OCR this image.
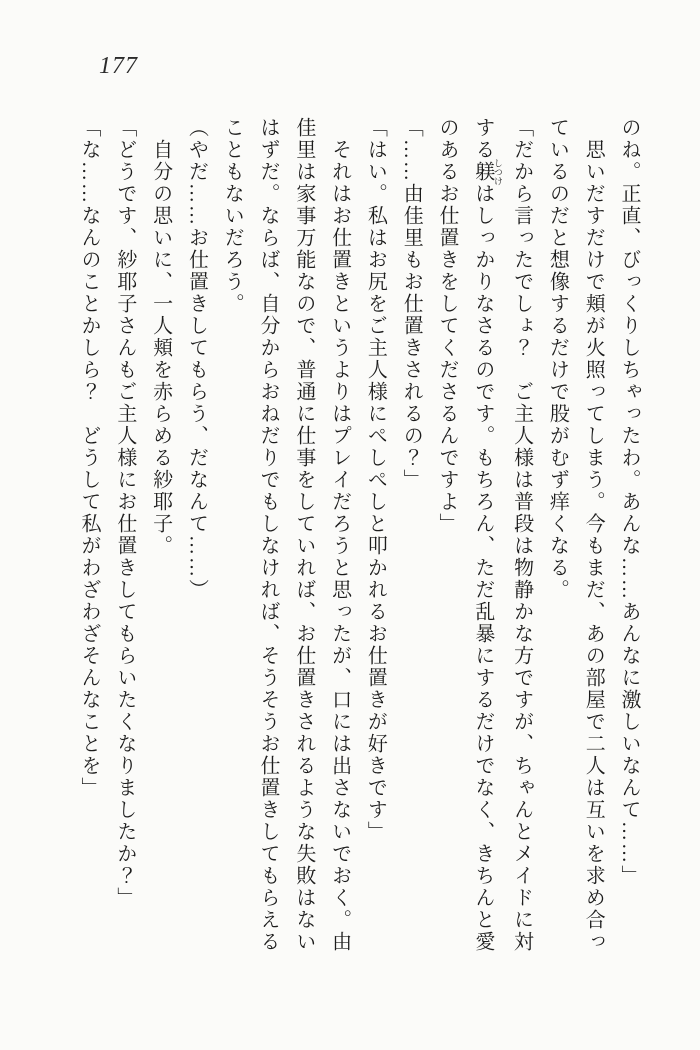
177
のね。正直、びっくりしちゃったわ。あんな……あんなに激しいなんて……」
　思いだすだけで頬が火照ってしまう。今もまだ、あの部屋で二人は互いを求め合っ
ているのだと想像するだけで股がむず痒くなる。
「だから言ったでしょ？　ご主人様は普段は物静かな方ですが、ちゃんとメイドに対
する躾 しつけはしっかりなさるのです。もちろん、ただ乱暴にするだけでなく、きちんと愛
のあるお仕置きをしてくださるんですよ」
「……由佳里もお仕置きされるの？」
「はい。私はお尻をご主人様にぺしぺしと叩かれるお仕置きが好きです」
　それはお仕置きというよりはプレイだろうと思ったが、口には出さないでおく。由
佳里は家事万能なので、普通に仕事をしていれば、お仕置きされるような失敗はない
はずだ。ならば、自分からおねだりでもしなければ、そうそうお仕置きしてもらえる
こともないだろう。
（やだ……お仕置きしてもらう、だなんて……）
　自分の思いに、一人頬を赤らめる紗耶子。
「どうです、紗耶子さんもご主人様にお仕置きしてもらいたくなりましたか？」
「な……なんのことかしら？　どうして私がわざわざそんなことを」
